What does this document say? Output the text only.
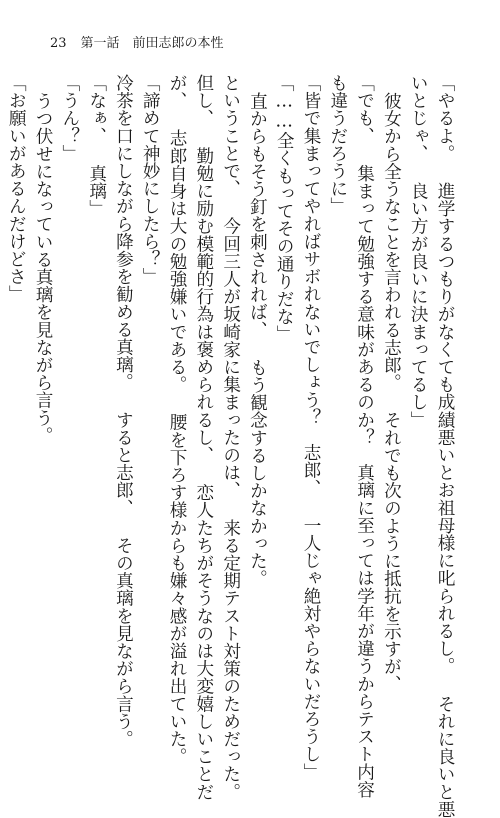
23 第一話　前田志郎の本性
「やるよ。 進学するつもりがなくても成績悪いとお祖母様に叱られるし。 それに良いと悪
いとじゃ、 良い方が良いに決まってるし」
彼女から全うなことを言われる志郎。 それでも次のように抵抗を示すが、
「でも、 集まって勉強する意味があるのか？　真璃に至っては学年が違うからテスト内容
も違うだろうに」
「皆で集まってやればサボれないでしょう？　志郎、 一人じゃ絶対やらないだろうし」
「……全くもってその通りだな」
直からもそう釘を刺されれば、 もう観念するしかなかった。
ということで、 今回三人が坂崎家に集まったのは、 来る定期テスト対策のためだった。
但し、 勤勉に励む模範的行為は褒められるし、 恋人たちがそうなのは大変嬉しいことだ
が、 志郎自身は大の勉強嫌いである。 腰を下ろす様からも嫌々感が溢れ出ていた。
「諦めて神妙にしたら？」
冷茶を口にしながら降参を勧める真璃。 すると志郎、 その真璃を見ながら言う。
「なぁ、 真璃」
「うん？」
うつ伏せになっている真璃を見ながら言う。
「お願いがあるんだけどさ」
